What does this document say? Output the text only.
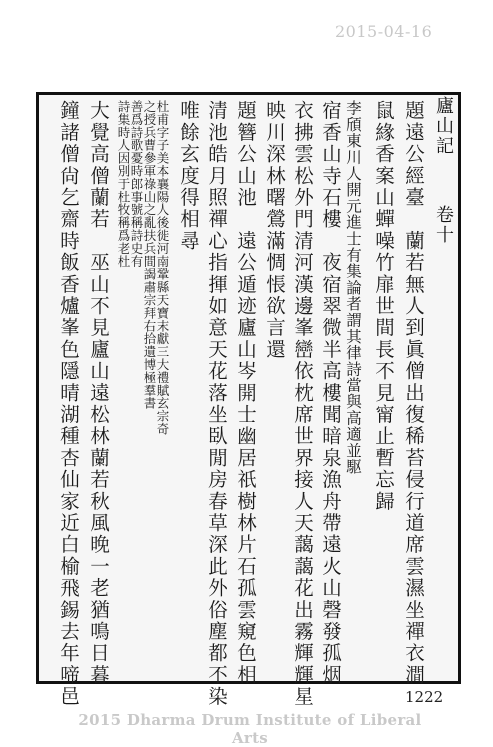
2015-04-16
廬山記
卷十
題遠公經臺　蘭若無人到眞僧出復稀苔侵行道席雲濕坐禪衣澗
鼠緣香案山蟬噪竹扉世間長不見甯止暫忘歸
李頎東川人開元進士有集論者謂其律詩當與高適並駆
宿香山寺石樓　夜宿翠微半高樓聞暗泉漁舟帶遠火山磬發孤烟
衣拂雲松外門清河漢邊峯巒依枕席世界接人天藹藹花出霧輝輝星
映川深林曙鶯滿惆悵欲言還
題簪公山池　遠公遁迹廬山岑開士幽居祇樹林片石孤雲窺色相
清池皓月照禪心指揮如意天花落坐臥閒房春草深此外俗塵都不染
唯餘玄度得相尋
杜甫字子美本襄陽人後徙河南鞏縣天寶末獻三大禮賦玄宗奇
之授兵曹參軍祿山之亂扶兵間謁肅宗拜右拾遺博極羣書
善爲詩歌憂時郎事號稱詩史有
詩集時人因別于杜牧稱爲老杜
大覺高僧蘭若　巫山不見廬山遠松林蘭若秋風晚一老猶鳴日暮
鐘諸僧尙乞齋時飯香爐峯色隱晴湖種杏仙家近白榆飛錫去年啼邑	1222
2015 Dharma Drum Institute of Liberal Arts
